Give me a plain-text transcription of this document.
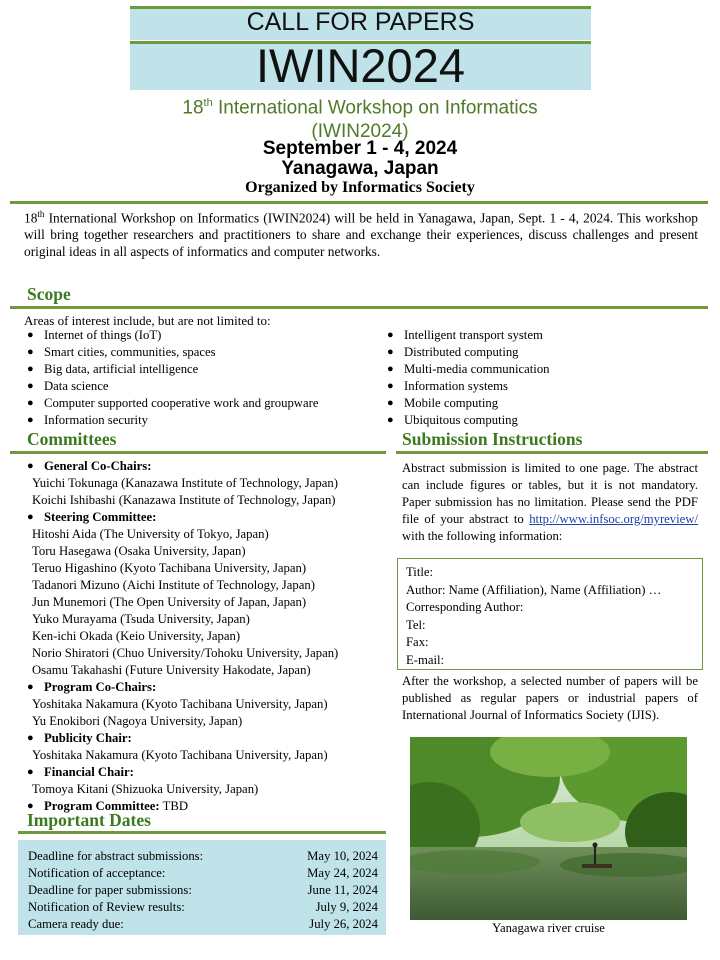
CALL FOR PAPERS
IWIN2024
18th International Workshop on Informatics
(IWIN2024)
September 1 - 4, 2024
Yanagawa, Japan
Organized by Informatics Society
18th International Workshop on Informatics (IWIN2024) will be held in Yanagawa, Japan, Sept. 1 - 4, 2024. This workshop will bring together researchers and practitioners to share and exchange their experiences, discuss challenges and present original ideas in all aspects of informatics and computer networks.
Scope
Areas of interest include, but are not limited to:
● Internet of things (IoT)
● Smart cities, communities, spaces
● Big data, artificial intelligence
● Data science
● Computer supported cooperative work and groupware
● Information security
● Intelligent transport system
● Distributed computing
● Multi-media communication
● Information systems
● Mobile computing
● Ubiquitous computing
Committees	Submission Instructions
● General Co-Chairs:
Yuichi Tokunaga (Kanazawa Institute of Technology, Japan)
Koichi Ishibashi (Kanazawa Institute of Technology, Japan)
● Steering Committee:
Hitoshi Aida (The University of Tokyo, Japan)
Toru Hasegawa (Osaka University, Japan)
Teruo Higashino (Kyoto Tachibana University, Japan)
Tadanori Mizuno (Aichi Institute of Technology, Japan)
Jun Munemori (The Open University of Japan, Japan)
Yuko Murayama (Tsuda University, Japan)
Ken-ichi Okada (Keio University, Japan)
Norio Shiratori (Chuo University/Tohoku University, Japan)
Osamu Takahashi (Future University Hakodate, Japan)
● Program Co-Chairs:
Yoshitaka Nakamura (Kyoto Tachibana University, Japan)
Yu Enokibori (Nagoya University, Japan)
● Publicity Chair:
Yoshitaka Nakamura (Kyoto Tachibana University, Japan)
● Financial Chair:
Tomoya Kitani (Shizuoka University, Japan)
● Program Committee: TBD
Abstract submission is limited to one page. The abstract can include figures or tables, but it is not mandatory. Paper submission has no limitation. Please send the PDF file of your abstract to http://www.infsoc.org/myreview/ with the following information:
Title:
Author: Name (Affiliation), Name (Affiliation) …
Corresponding Author:
Tel:
Fax:
E-mail:
After the workshop, a selected number of papers will be published as regular papers or industrial papers of International Journal of Informatics Society (IJIS).
Yanagawa river cruise
Important Dates
Deadline for abstract submissions:	May 10, 2024
Notification of acceptance:	May 24, 2024
Deadline for paper submissions:	June 11, 2024
Notification of Review results:	July 9, 2024
Camera ready due:	July 26, 2024
